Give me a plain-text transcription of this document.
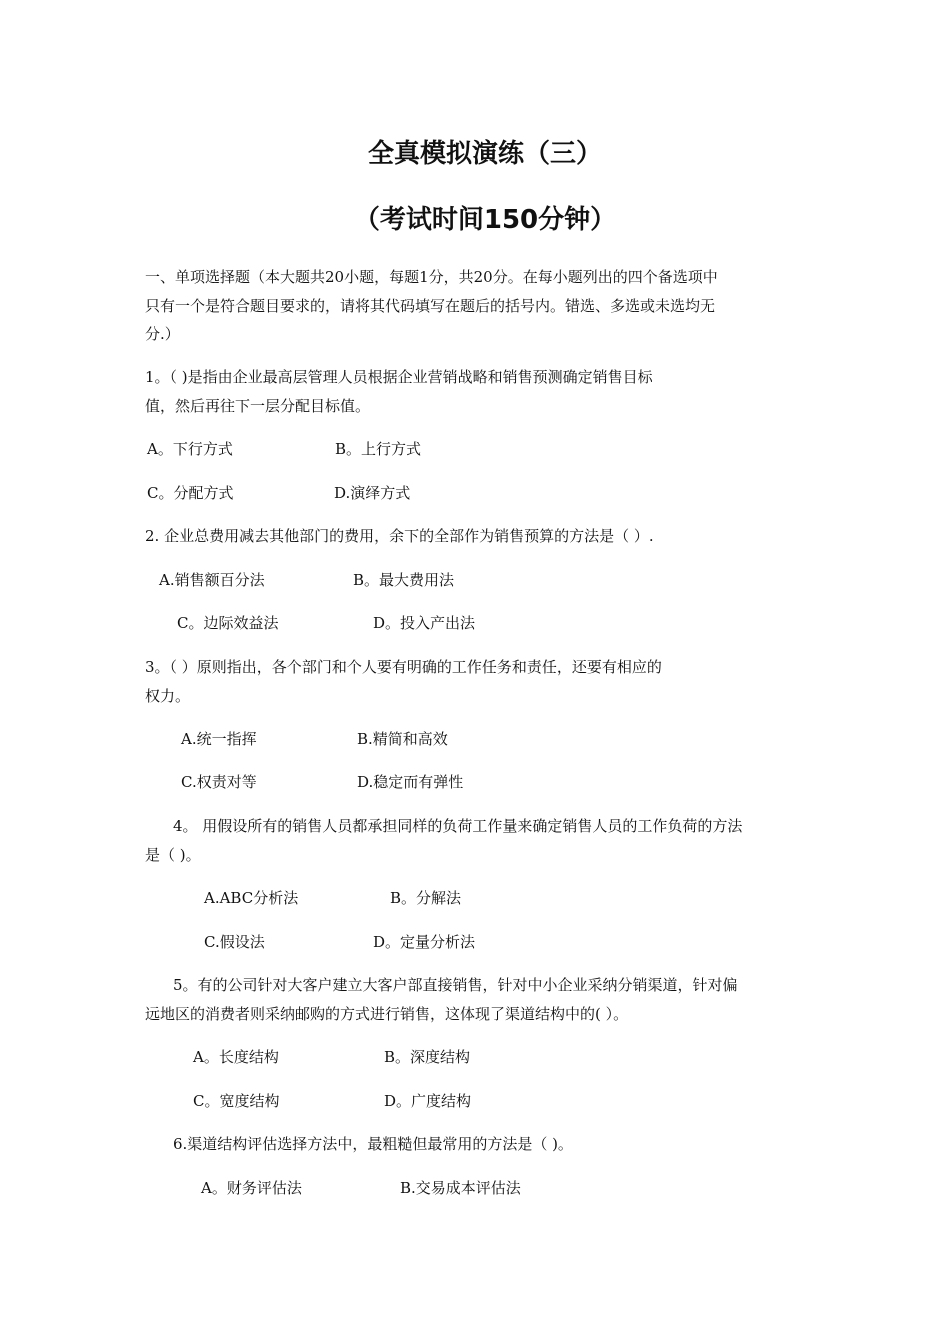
全真模拟演练（三）
（考试时间150分钟）
一、单项选择题（本大题共20小题，每题1分，共20分。在每小题列出的四个备选项中
只有一个是符合题目要求的，请将其代码填写在题后的括号内。错选、多选或未选均无
分.）
1。（ )是指由企业最高层管理人员根据企业营销战略和销售预测确定销售目标
值，然后再往下一层分配目标值。
A。下行方式	B。上行方式
C。分配方式	D.演绎方式
2. 企业总费用减去其他部门的费用，余下的全部作为销售预算的方法是（ ）.
A.销售额百分法	B。最大费用法
C。边际效益法	D。投入产出法
3。（ ）原则指出，各个部门和个人要有明确的工作任务和责任，还要有相应的
权力。
A.统一指挥	B.精简和高效
C.权责对等	D.稳定而有弹性
4。 用假设所有的销售人员都承担同样的负荷工作量来确定销售人员的工作负荷的方法
是（ )。
A.ABC分析法	B。分解法
C.假设法	D。定量分析法
5。有的公司针对大客户建立大客户部直接销售，针对中小企业采纳分销渠道，针对偏
远地区的消费者则采纳邮购的方式进行销售，这体现了渠道结构中的( ）。
A。长度结构	B。深度结构
C。宽度结构	D。广度结构
6.渠道结构评估选择方法中，最粗糙但最常用的方法是（ )。
A。财务评估法	B.交易成本评估法
